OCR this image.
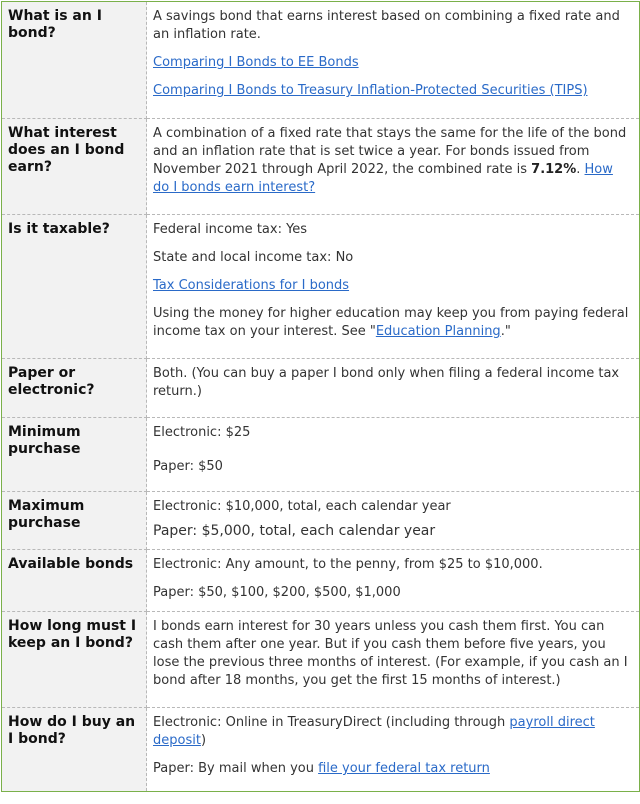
What is an I bond?	A savings bond that earns interest based on combining a fixed rate and an inflation rate.

Comparing I Bonds to EE Bonds

Comparing I Bonds to Treasury Inflation-Protected Securities (TIPS)

What interest does an I bond earn?	A combination of a fixed rate that stays the same for the life of the bond and an inflation rate that is set twice a year. For bonds issued from November 2021 through April 2022, the combined rate is 7.12%. How do I bonds earn interest?

Is it taxable?	Federal income tax: Yes

State and local income tax: No

Tax Considerations for I bonds

Using the money for higher education may keep you from paying federal income tax on your interest. See "Education Planning."

Paper or electronic?	Both. (You can buy a paper I bond only when filing a federal income tax return.)

Minimum purchase	Electronic: $25

Paper: $50

Maximum purchase	Electronic: $10,000, total, each calendar year

Paper: $5,000, total, each calendar year

Available bonds	Electronic: Any amount, to the penny, from $25 to $10,000.

Paper: $50, $100, $200, $500, $1,000

How long must I keep an I bond?	I bonds earn interest for 30 years unless you cash them first. You can cash them after one year. But if you cash them before five years, you lose the previous three months of interest. (For example, if you cash an I bond after 18 months, you get the first 15 months of interest.)

How do I buy an I bond?	Electronic: Online in TreasuryDirect (including through payroll direct deposit)

Paper: By mail when you file your federal tax return
